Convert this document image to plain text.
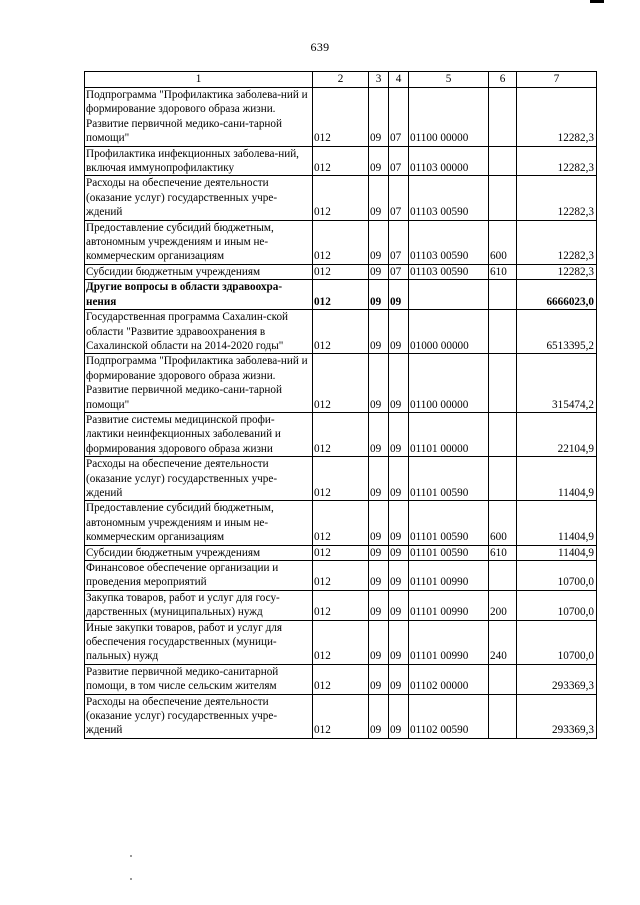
639
1	2	3	4	5	6	7
Подпрограмма "Профилактика заболева-ний и формирование здорового образа жизни. Развитие первичной медико-сани-тарной помощи"	012	09	07	01100 00000		12282,3
Профилактика инфекционных заболева-ний, включая иммунопрофилактику	012	09	07	01103 00000		12282,3
Расходы на обеспечение деятельности (оказание услуг) государственных учре-ждений	012	09	07	01103 00590		12282,3
Предоставление субсидий бюджетным, автономным учреждениям и иным не-коммерческим организациям	012	09	07	01103 00590	600	12282,3
Субсидии бюджетным учреждениям	012	09	07	01103 00590	610	12282,3
Другие вопросы в области здравоохра-нения	012	09	09			6666023,0
Государственная программа Сахалин-ской области "Развитие здравоохранения в Сахалинской области на 2014-2020 годы"	012	09	09	01000 00000		6513395,2
Подпрограмма "Профилактика заболева-ний и формирование здорового образа жизни. Развитие первичной медико-сани-тарной помощи"	012	09	09	01100 00000		315474,2
Развитие системы медицинской профи-лактики неинфекционных заболеваний и формирования здорового образа жизни	012	09	09	01101 00000		22104,9
Расходы на обеспечение деятельности (оказание услуг) государственных учре-ждений	012	09	09	01101 00590		11404,9
Предоставление субсидий бюджетным, автономным учреждениям и иным не-коммерческим организациям	012	09	09	01101 00590	600	11404,9
Субсидии бюджетным учреждениям	012	09	09	01101 00590	610	11404,9
Финансовое обеспечение организации и проведения мероприятий	012	09	09	01101 00990		10700,0
Закупка товаров, работ и услуг для госу-дарственных (муниципальных) нужд	012	09	09	01101 00990	200	10700,0
Иные закупки товаров, работ и услуг для обеспечения государственных (муници-пальных) нужд	012	09	09	01101 00990	240	10700,0
Развитие первичной медико-санитарной помощи, в том числе сельским жителям	012	09	09	01102 00000		293369,3
Расходы на обеспечение деятельности (оказание услуг) государственных учре-ждений	012	09	09	01102 00590		293369,3
